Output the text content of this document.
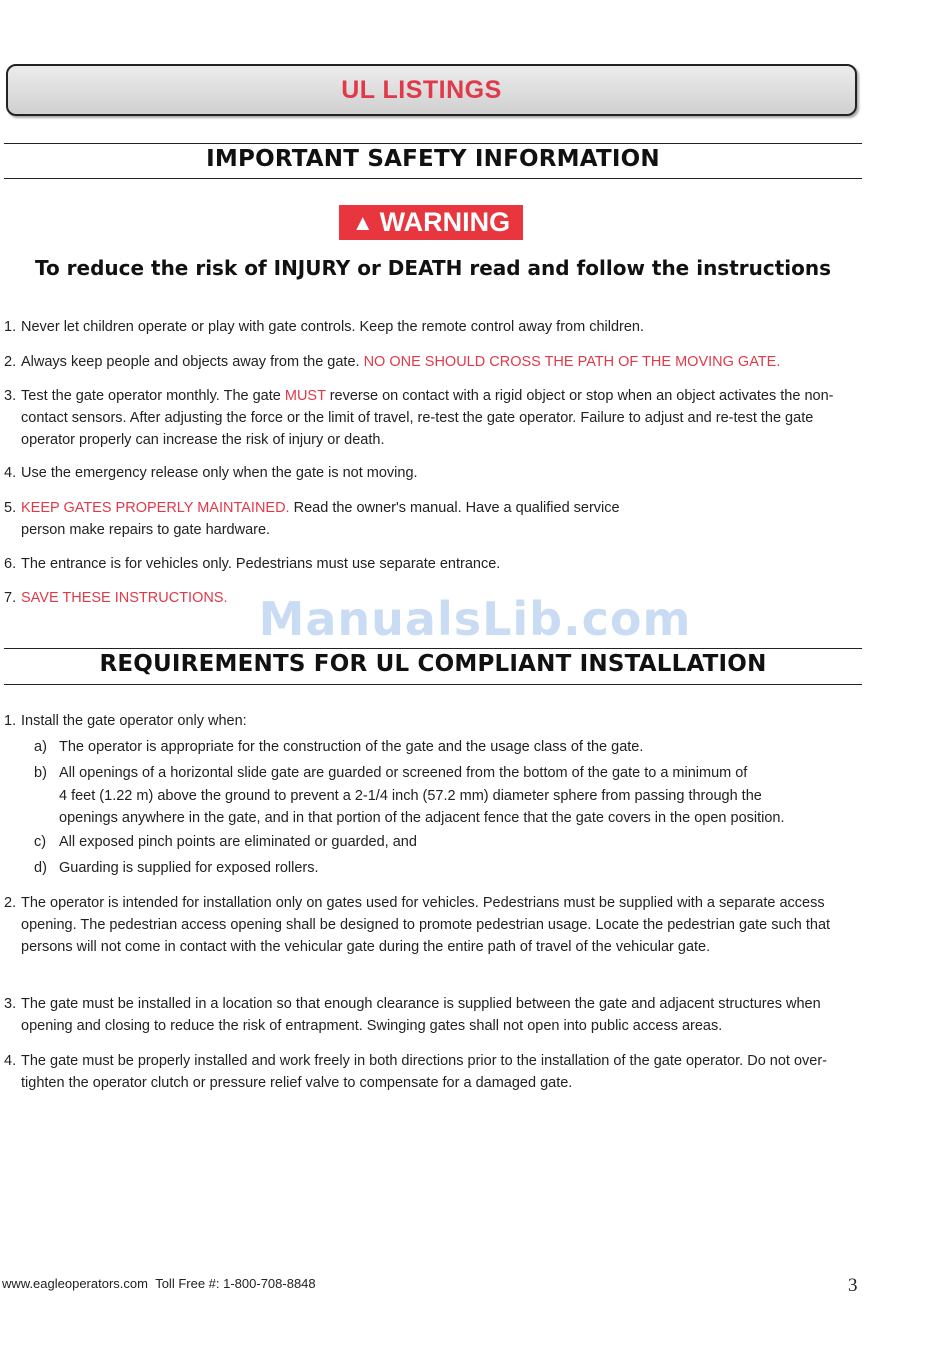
UL LISTINGS
IMPORTANT SAFETY INFORMATION
▲ WARNING
To reduce the risk of INJURY or DEATH read and follow the instructions
1. Never let children operate or play with gate controls. Keep the remote control away from children.
2. Always keep people and objects away from the gate. NO ONE SHOULD CROSS THE PATH OF THE MOVING GATE.
3. Test the gate operator monthly. The gate MUST reverse on contact with a rigid object or stop when an object activates the non-contact sensors. After adjusting the force or the limit of travel, re-test the gate operator. Failure to adjust and re-test the gate operator properly can increase the risk of injury or death.
4. Use the emergency release only when the gate is not moving.
5. KEEP GATES PROPERLY MAINTAINED. Read the owner's manual. Have a qualified service
person make repairs to gate hardware.
6. The entrance is for vehicles only. Pedestrians must use separate entrance.
7. SAVE THESE INSTRUCTIONS. ManualsLib.com
REQUIREMENTS FOR UL COMPLIANT INSTALLATION
1. Install the gate operator only when:
a) The operator is appropriate for the construction of the gate and the usage class of the gate.
b) All openings of a horizontal slide gate are guarded or screened from the bottom of the gate to a minimum of
4 feet (1.22 m) above the ground to prevent a 2-1/4 inch (57.2 mm) diameter sphere from passing through the
openings anywhere in the gate, and in that portion of the adjacent fence that the gate covers in the open position.
c) All exposed pinch points are eliminated or guarded, and
d) Guarding is supplied for exposed rollers.
2. The operator is intended for installation only on gates used for vehicles. Pedestrians must be supplied with a separate access opening. The pedestrian access opening shall be designed to promote pedestrian usage. Locate the pedestrian gate such that persons will not come in contact with the vehicular gate during the entire path of travel of the vehicular gate.
3. The gate must be installed in a location so that enough clearance is supplied between the gate and adjacent structures when opening and closing to reduce the risk of entrapment. Swinging gates shall not open into public access areas.
4. The gate must be properly installed and work freely in both directions prior to the installation of the gate operator. Do not over-tighten the operator clutch or pressure relief valve to compensate for a damaged gate.
www.eagleoperators.com Toll Free #: 1-800-708-8848	3
